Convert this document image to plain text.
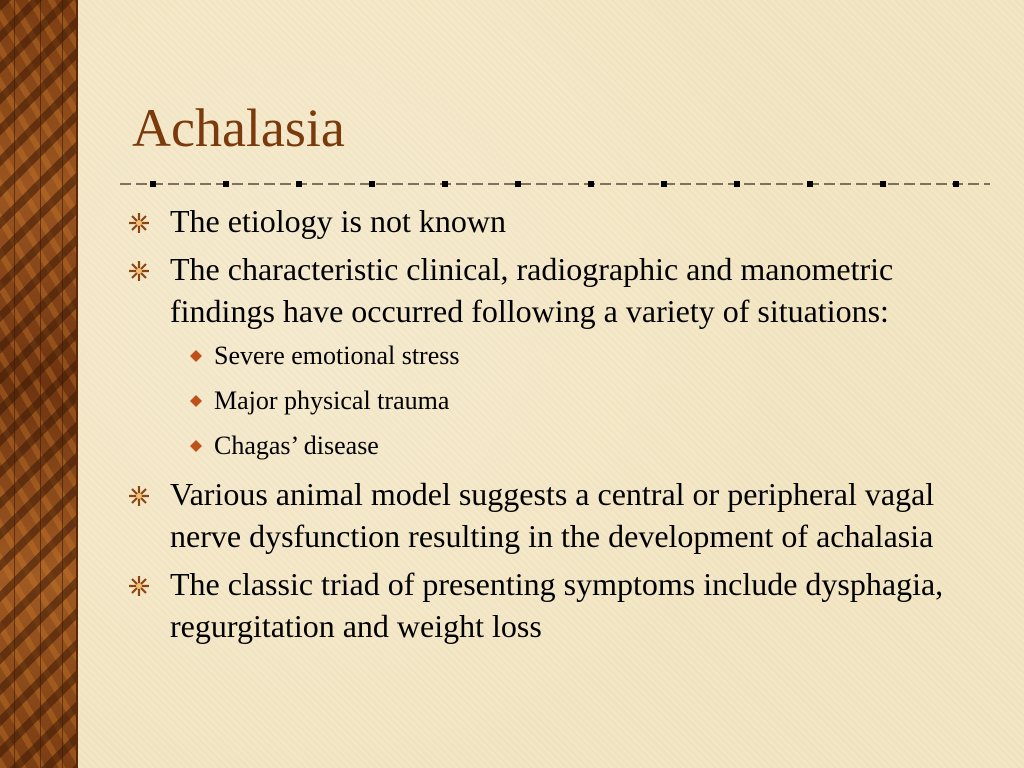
Achalasia
The etiology is not known
The characteristic clinical, radiographic and manometric findings have occurred following a variety of situations:
Severe emotional stress
Major physical trauma
Chagas’ disease
Various animal model suggests a central or peripheral vagal nerve dysfunction resulting in the development of achalasia
The classic triad of presenting symptoms include dysphagia, regurgitation and weight loss
